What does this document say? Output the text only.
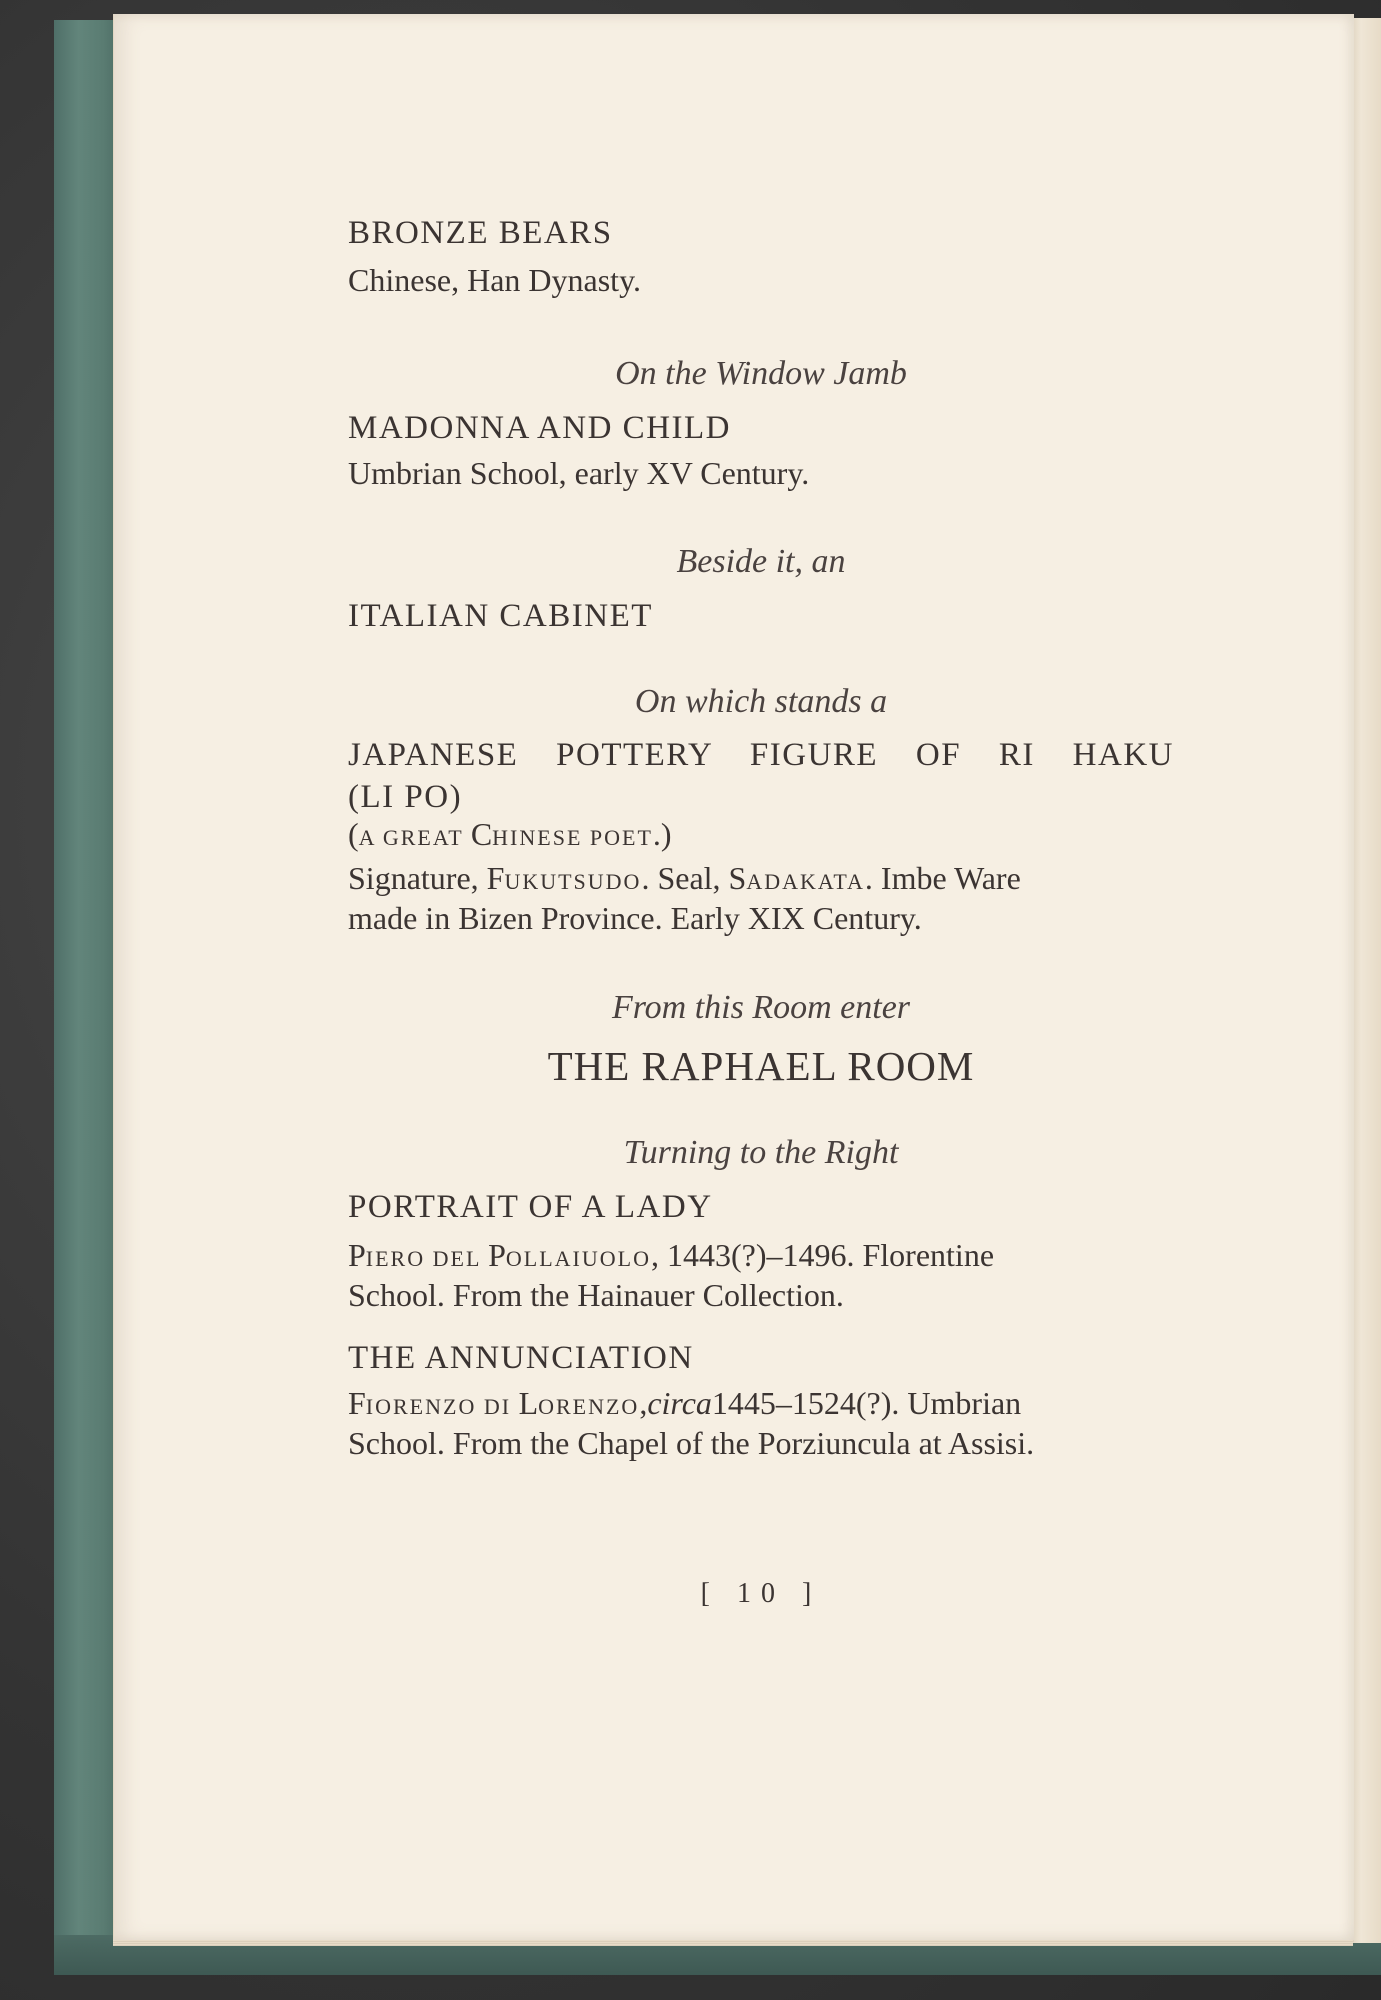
BRONZE BEARS
Chinese, Han Dynasty.
On the Window Jamb
MADONNA AND CHILD
Umbrian School, early XV Century.
Beside it, an
ITALIAN CABINET
On which stands a
JAPANESE POTTERY FIGURE OF RI HAKU
(LI PO)
(A GREAT CHINESE POET.)
Signature, FUKUTSUDO. Seal, SADAKATA. Imbe Ware
made in Bizen Province. Early XIX Century.
From this Room enter
THE RAPHAEL ROOM
Turning to the Right
PORTRAIT OF A LADY
PIERO DEL POLLAIUOLO, 1443(?)–1496. Florentine
School. From the Hainauer Collection.
THE ANNUNCIATION
FIORENZO DI LORENZO,circa1445–1524(?). Umbrian
School. From the Chapel of the Porziuncula at Assisi.
[ 10 ]
